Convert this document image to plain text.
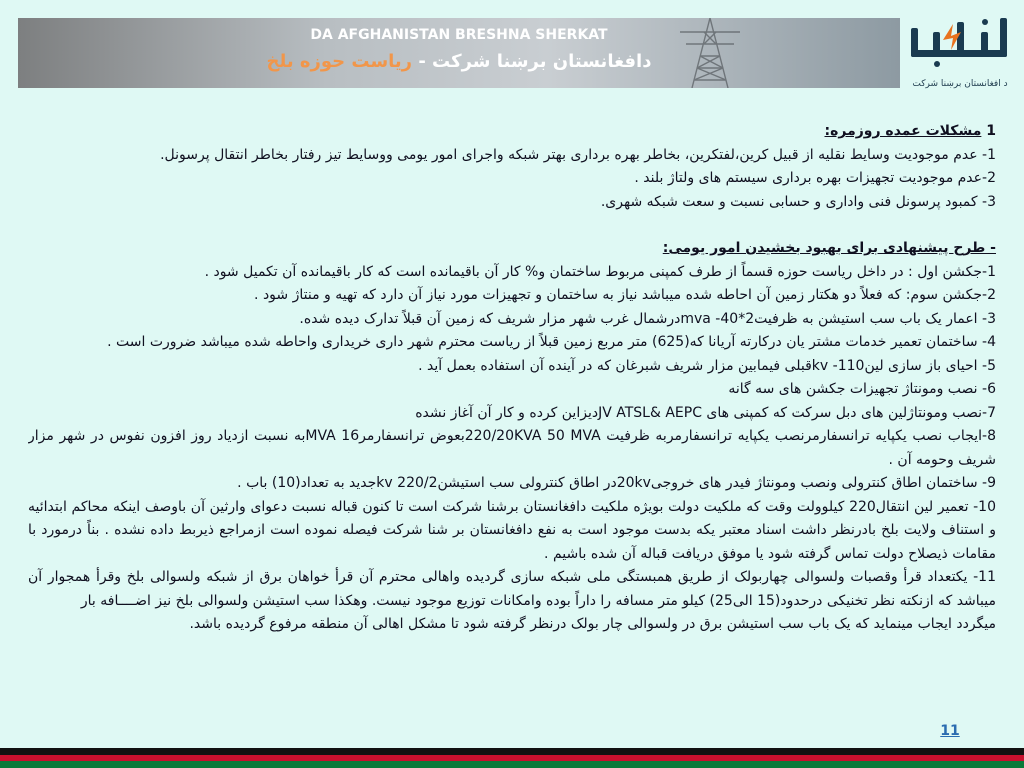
DA AFGHANISTAN BRESHNA SHERKAT
دافغانستان برښنا شرکت - ریاست حوزه بلخ
د افغانستان برښنا شرکت

1 مشکلات عمده روزمره:

1- عدم موجودیت وسایط نقلیه از قبیل کرین،لفتکرین، بخاطر بهره برداری بهتر شبکه واجرای امور یومی ووسایط تیز رفتار بخاطر انتقال پرسونل.

2-عدم موجودیت تجهیزات بهره برداری سیستم های ولتاژ بلند .

3- کمبود پرسونل فنی واداری و حسابی نسبت و سعت شبکه شهری.

- طرح پیشنهادی برای بهبود بخشیدن امور یومی:

1-جکشن اول : در داخل ریاست حوزه قسماً از طرف کمپنی مربوط ساختمان و% کار آن باقیمانده است که کار باقیمانده آن تکمیل شود .

2-جکشن سوم: که فعلاً دو هکتار زمین آن احاطه شده میباشد نیاز به ساختمان و تجهیزات مورد نیاز آن دارد که تهیه و منتاژ شود .

3- اعمار یک باب سب استیشن به ظرفیت2*40- mvaدرشمال غرب شهر مزار شریف که زمین آن قبلاً تدارک دیده شده.

4- ساختمان تعمیر خدمات مشتر یان درکارته آریانا که(625) متر مربع زمین قبلاً از ریاست محترم شهر داری خریداری واحاطه شده میباشد ضرورت است .

5- احیای باز سازی لین110- kvقبلی فیمابین مزار شریف شبرغان که در آینده آن استفاده بعمل آید .

6- نصب ومونتاژ تجهیزات جکشن های سه گانه

7-نصب ومونتاژلین های دبل سرکت که کمپنی های JV ATSL& AEPCدیزاین کرده و کار آن آغاز نشده

8-ایجاب نصب یکپایه ترانسفارمرنصب یکپایه ترانسفارمربه ظرفیت 220/20KVA 50 MVAبعوض ترانسفارمر16 MVAبه نسبت ازدیاد روز افزون نفوس در شهر مزار شریف وحومه آن .

9- ساختمان اطاق کنترولی ونصب ومونتاژ فیدر های خروجی20kvدر اطاق کنترولی سب استیشن220/2 kvجدید به تعداد(10) باب .

10- تعمیر لین انتقال220 کیلوولت وقت که ملکیت دولت بویژه ملکیت دافغانستان برشنا شرکت است تا کنون قباله نسبت دعوای وارثین آن باوصف اینکه محاکم ابتدائیه و استناف ولایت بلخ بادرنظر داشت اسناد معتبر یکه بدست موجود است به نفع دافغانستان بر شنا شرکت فیصله نموده است ازمراجع ذیربط داده نشده . بناً درمورد با مقامات ذیصلاح دولت تماس گرفته شود یا موفق دریافت قباله آن شده باشیم .

11- یکتعداد قرأ وقصبات ولسوالی چهاربولک از طریق همبستگی ملی شبکه سازی گردیده واهالی محترم آن قرأ خواهان برق از شبکه ولسوالی بلخ وقرأ همجوار آن میباشد که ازنکته نظر تخنیکی درحدود(15 الی25) کیلو متر مسافه را داراً بوده وامکانات توزیع موجود نیست. وهکذا سب استیشن ولسوالی بلخ نیز اضــــافه بار

میگردد ایجاب مینماید که یک باب سب استیشن برق در ولسوالی چار بولک درنظر گرفته شود تا مشکل اهالی آن منطقه مرفوع گردیده باشد.

11
